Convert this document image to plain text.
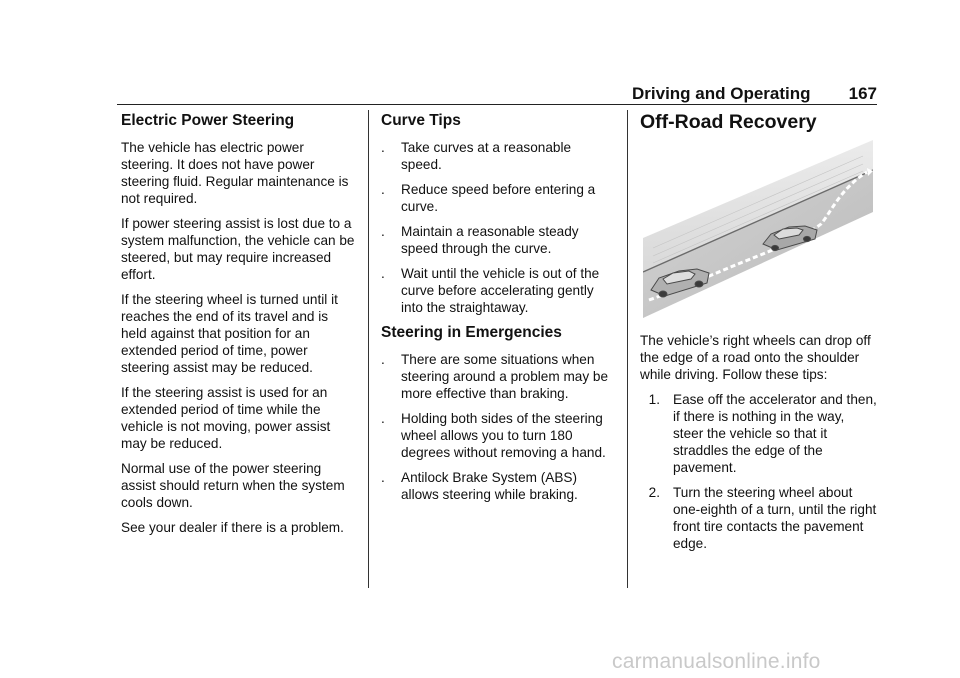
Driving and Operating 167
Electric Power Steering

The vehicle has electric power steering. It does not have power steering fluid. Regular maintenance is not required.

If power steering assist is lost due to a system malfunction, the vehicle can be steered, but may require increased effort.

If the steering wheel is turned until it reaches the end of its travel and is held against that position for an extended period of time, power steering assist may be reduced.

If the steering assist is used for an extended period of time while the vehicle is not moving, power assist may be reduced.

Normal use of the power steering assist should return when the system cools down.

See your dealer if there is a problem.

Curve Tips
.	Take curves at a reasonable speed.
.	Reduce speed before entering a curve.
.	Maintain a reasonable steady speed through the curve.
.	Wait until the vehicle is out of the curve before accelerating gently into the straightaway.
Steering in Emergencies
.	There are some situations when steering around a problem may be more effective than braking.
.	Holding both sides of the steering wheel allows you to turn 180 degrees without removing a hand.
.	Antilock Brake System (ABS) allows steering while braking.
Off-Road Recovery

The vehicle’s right wheels can drop off the edge of a road onto the shoulder while driving. Follow these tips:

1. Ease off the accelerator and then, if there is nothing in the way, steer the vehicle so that it straddles the edge of the pavement.
2. Turn the steering wheel about one-eighth of a turn, until the right front tire contacts the pavement edge.
carmanualsonline.info
